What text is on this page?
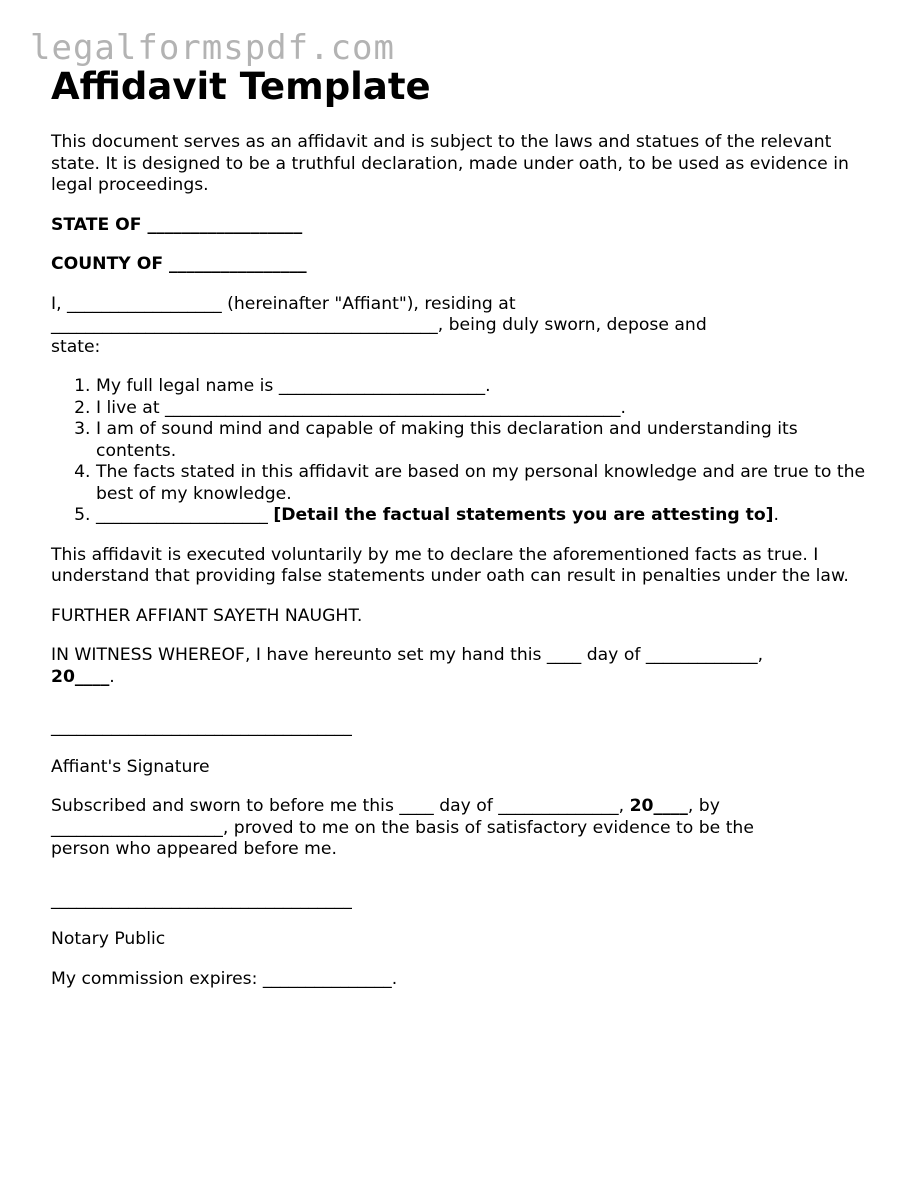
legalformspdf.com
Affidavit Template

This document serves as an affidavit and is subject to the laws and statues of the relevant state. It is designed to be a truthful declaration, made under oath, to be used as evidence in legal proceedings.

STATE OF __________________

COUNTY OF ________________

I, __________________ (hereinafter "Affiant"), residing at
_____________________________________________, being duly sworn, depose and
state:

1. My full legal name is ________________________.
2. I live at _____________________________________________________.
3. I am of sound mind and capable of making this declaration and understanding its contents.
4. The facts stated in this affidavit are based on my personal knowledge and are true to the best of my knowledge.
5. ____________________ [Detail the factual statements you are attesting to].

This affidavit is executed voluntarily by me to declare the aforementioned facts as true. I understand that providing false statements under oath can result in penalties under the law.

FURTHER AFFIANT SAYETH NAUGHT.

IN WITNESS WHEREOF, I have hereunto set my hand this ____ day of _____________,
20____.

___________________________________

Affiant's Signature

Subscribed and sworn to before me this ____ day of ______________, 20____, by
____________________, proved to me on the basis of satisfactory evidence to be the
person who appeared before me.

___________________________________

Notary Public

My commission expires: _______________.
